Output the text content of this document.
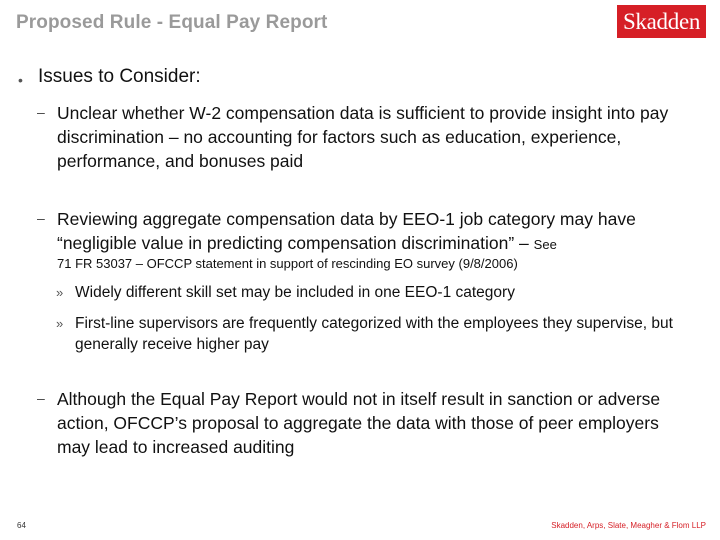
Proposed Rule - Equal Pay Report	Skadden
• Issues to Consider:
– Unclear whether W-2 compensation data is sufficient to provide insight into pay discrimination – no accounting for factors such as education, experience, performance, and bonuses paid
– Reviewing aggregate compensation data by EEO-1 job category may have “negligible value in predicting compensation discrimination” – See
71 FR 53037 – OFCCP statement in support of rescinding EO survey (9/8/2006)
» Widely different skill set may be included in one EEO-1 category
» First-line supervisors are frequently categorized with the employees they supervise, but generally receive higher pay
– Although the Equal Pay Report would not in itself result in sanction or adverse action, OFCCP’s proposal to aggregate the data with those of peer employers may lead to increased auditing
64	Skadden, Arps, Slate, Meagher & Flom LLP
